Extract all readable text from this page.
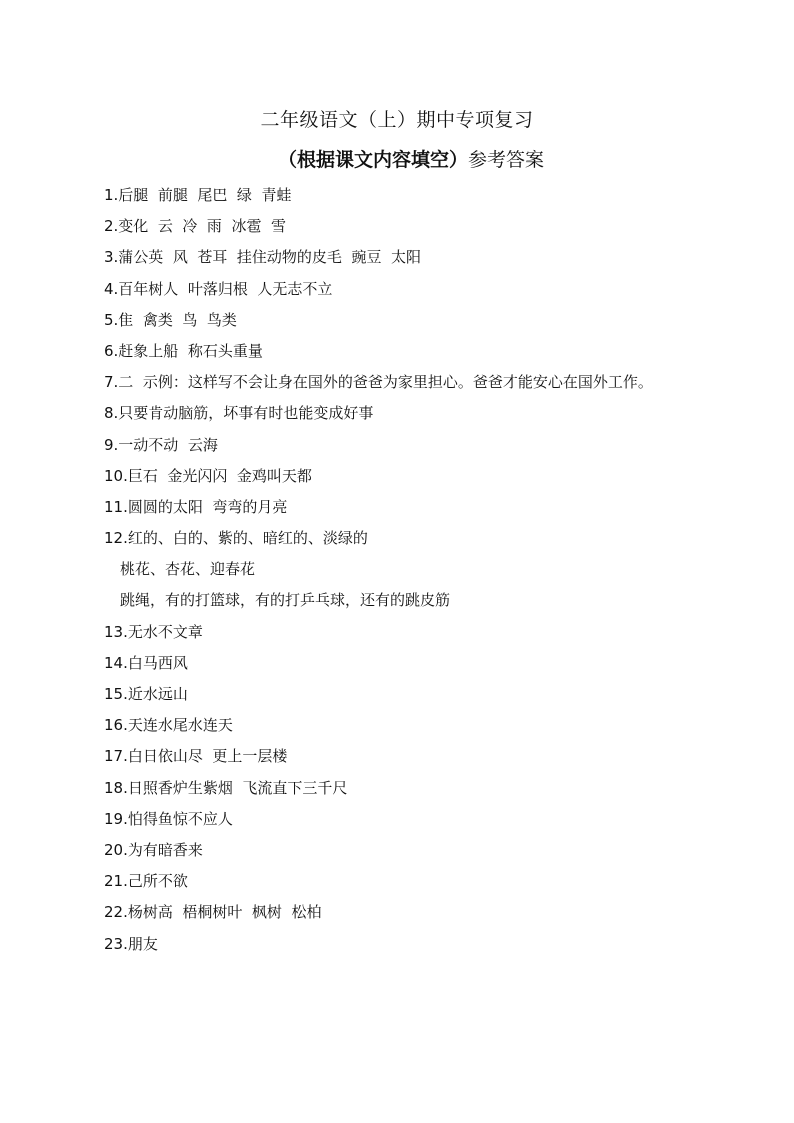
二年级语文（上）期中专项复习
（根据课文内容填空）参考答案
1.后腿  前腿  尾巴  绿  青蛙
2.变化  云  冷  雨  冰雹  雪
3.蒲公英  风  苍耳  挂住动物的皮毛  豌豆  太阳
4.百年树人  叶落归根  人无志不立
5.隹  禽类  鸟  鸟类
6.赶象上船  称石头重量
7.二  示例：这样写不会让身在国外的爸爸为家里担心。爸爸才能安心在国外工作。
8.只要肯动脑筋，坏事有时也能变成好事
9.一动不动  云海
10.巨石  金光闪闪  金鸡叫天都
11.圆圆的太阳  弯弯的月亮
12.红的、白的、紫的、暗红的、淡绿的
桃花、杏花、迎春花
跳绳，有的打篮球，有的打乒乓球，还有的跳皮筋
13.无水不文章
14.白马西风
15.近水远山
16.天连水尾水连天
17.白日依山尽  更上一层楼
18.日照香炉生紫烟  飞流直下三千尺
19.怕得鱼惊不应人
20.为有暗香来
21.己所不欲
22.杨树高  梧桐树叶  枫树  松柏
23.朋友
